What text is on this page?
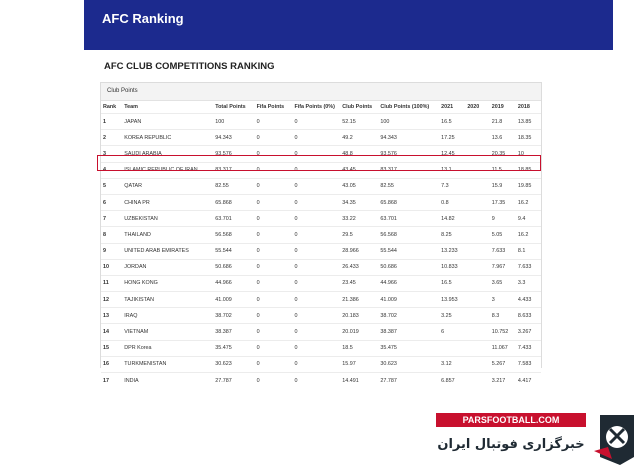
AFC Ranking
AFC CLUB COMPETITIONS RANKING
Club Points
Rank	Team	Total Points	Fifa Points	Fifa Points (0%)	Club Points	Club Points (100%)	2021	2020	2019	2018
1	JAPAN	100	0	0	52.15	100	16.5		21.8	13.85
2	KOREA REPUBLIC	94.343	0	0	49.2	94.343	17.25		13.6	18.35
3	SAUDI ARABIA	93.576	0	0	48.8	93.576	12.45		20.35	10
4	ISLAMIC REPUBLIC OF IRAN	83.317	0	0	43.45	83.317	13.1		11.5	18.85
5	QATAR	82.55	0	0	43.05	82.55	7.3		15.9	19.85
6	CHINA PR	65.868	0	0	34.35	65.868	0.8		17.35	16.2
7	UZBEKISTAN	63.701	0	0	33.22	63.701	14.82		9	9.4
8	THAILAND	56.568	0	0	29.5	56.568	8.25		5.05	16.2
9	UNITED ARAB EMIRATES	55.544	0	0	28.966	55.544	13.233		7.633	8.1
10	JORDAN	50.686	0	0	26.433	50.686	10.833		7.967	7.633
11	HONG KONG	44.966	0	0	23.45	44.966	16.5		3.65	3.3
12	TAJIKISTAN	41.009	0	0	21.386	41.009	13.953		3	4.433
13	IRAQ	38.702	0	0	20.183	38.702	3.25		8.3	8.633
14	VIETNAM	38.387	0	0	20.019	38.387	6		10.752	3.267
15	DPR Korea	35.475	0	0	18.5	35.475			11.067	7.433
16	TURKMENISTAN	30.623	0	0	15.97	30.623	3.12		5.267	7.583
17	INDIA	27.787	0	0	14.491	27.787	6.857		3.217	4.417
PARSFOOTBALL.COM
خبرگزاری فوتبال ایران
